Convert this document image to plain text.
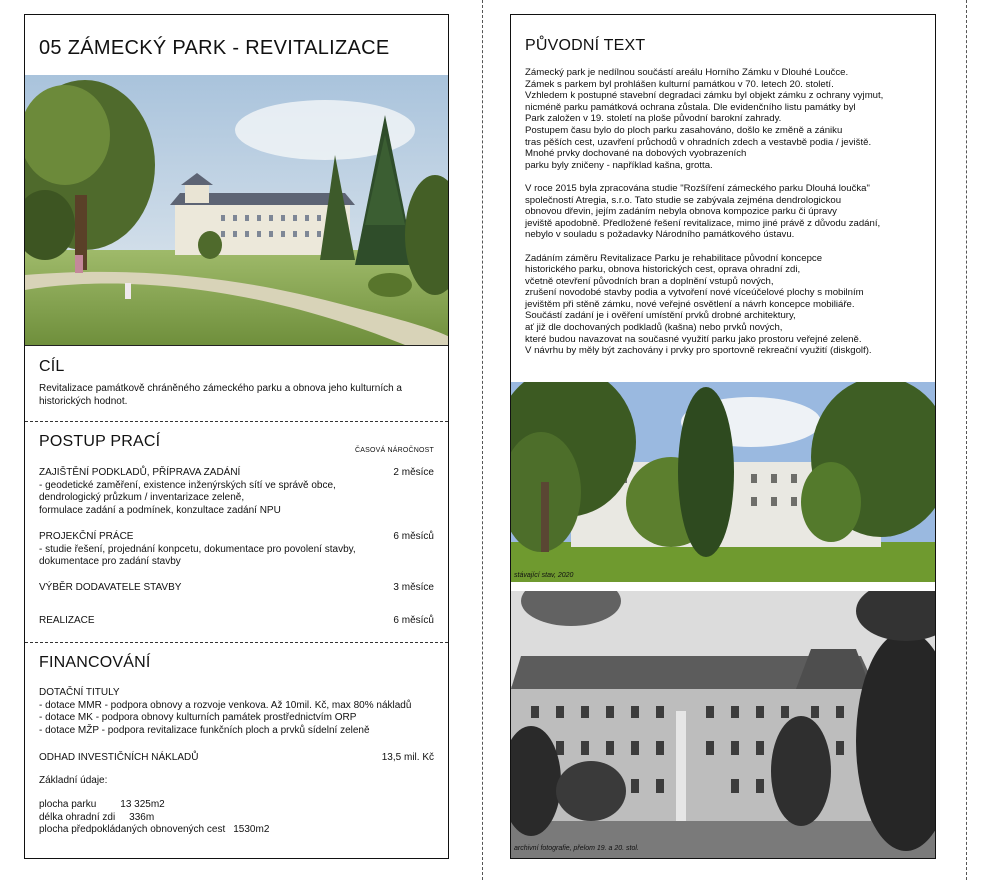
05 ZÁMECKÝ PARK - REVITALIZACE
CÍL
Revitalizace památkově chráněného zámeckého parku a obnova jeho kulturních a historických hodnot.
POSTUP PRACÍ
ČASOVÁ NÁROČNOST
ZAJIŠTĚNÍ PODKLADŮ, PŘÍPRAVA ZADÁNÍ	2 měsíce
- geodetické zaměření, existence inženýrských sítí ve správě obce,
dendrologický průzkum / inventarizace zeleně,
formulace zadání a podmínek, konzultace zadání NPU
PROJEKČNÍ PRÁCE	6 měsíců
- studie řešení, projednání konpcetu, dokumentace pro povolení stavby,
dokumentace pro zadání stavby
VÝBĚR DODAVATELE STAVBY	3 měsíce
REALIZACE	6 měsíců
FINANCOVÁNÍ
DOTAČNÍ TITULY
- dotace MMR - podpora obnovy a rozvoje venkova. Až 10mil. Kč, max 80% nákladů
- dotace MK - podpora obnovy kulturních památek prostřednictvím ORP
- dotace MŽP - podpora revitalizace funkčních ploch a prvků sídelní zeleně
ODHAD INVESTIČNÍCH NÁKLADŮ	13,5 mil. Kč
Základní údaje:
plocha parku 13 325m2
délka ohradní zdi 336m
plocha předpokládaných obnovených cest 1530m2
PŮVODNÍ TEXT

Zámecký park je nedílnou součástí areálu Horního Zámku v Dlouhé Loučce.
Zámek s parkem byl prohlášen kulturní památkou v 70. letech 20. století.
Vzhledem k postupné stavební degradaci zámku byl objekt zámku z ochrany vyjmut,
nicméně parku památková ochrana zůstala. Dle evidenčního listu památky byl
Park založen v 19. století na ploše původní barokní zahrady.
Postupem času bylo do ploch parku zasahováno, došlo ke změně a zániku
tras pěších cest, uzavření průchodů v ohradních zdech a vestavbě podia / jeviště.
Mnohé prvky dochované na dobových vyobrazeních
parku byly zničeny - například kašna, grotta.

V roce 2015 byla zpracována studie "Rozšíření zámeckého parku Dlouhá loučka"
společností Atregia, s.r.o. Tato studie se zabývala zejména dendrologickou
obnovou dřevin, jejím zadáním nebyla obnova kompozice parku či úpravy
jeviště apodobně. Předložené řešení revitalizace, mimo jiné právě z důvodu zadání,
nebylo v souladu s požadavky Národního památkového ústavu.

Zadáním záměru Revitalizace Parku je rehabilitace původní koncepce
historického parku, obnova historických cest, oprava ohradní zdi,
včetně otevření původních bran a doplnění vstupů nových,
zrušení novodobé stavby podia a vytvoření nové víceúčelové plochy s mobilním
jevištěm při stěně zámku, nové veřejné osvětlení a návrh koncepce mobiliáře.
Součástí zadání je i ověření umístění prvků drobné architektury,
ať již dle dochovaných podkladů (kašna) nebo prvků nových,
které budou navazovat na současné využití parku jako prostoru veřejné zeleně.
V návrhu by měly být zachovány i prvky pro sportovně rekreační využití (diskgolf).

stávající stav, 2020
archivní fotografie, přelom 19. a 20. stol.
